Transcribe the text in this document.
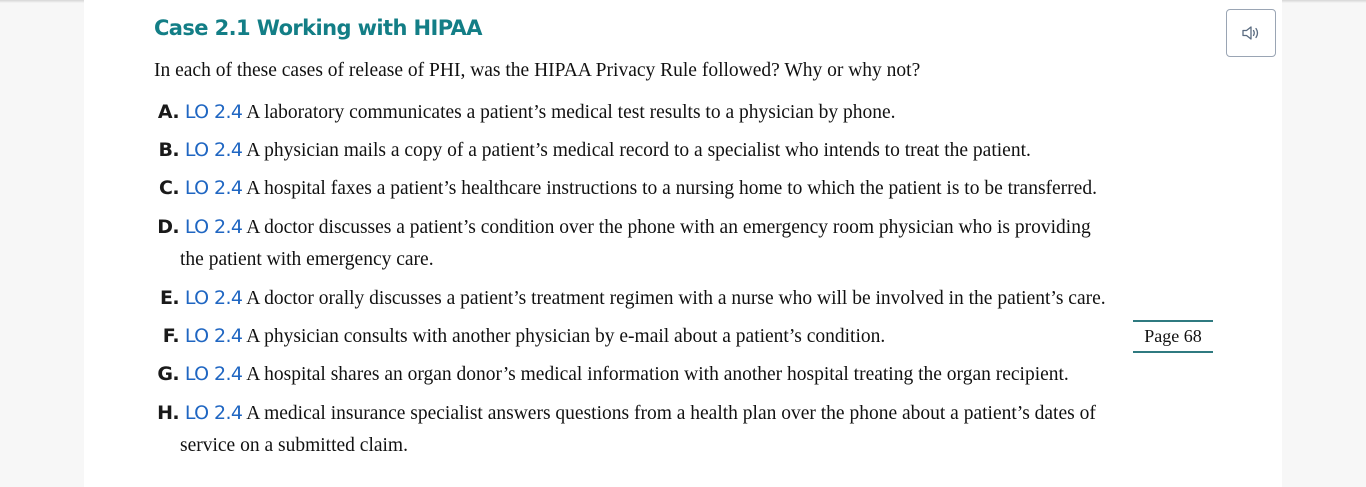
Case 2.1 Working with HIPAA

In each of these cases of release of PHI, was the HIPAA Privacy Rule followed? Why or why not?

A. LO 2.4 A laboratory communicates a patient’s medical test results to a physician by phone.
B. LO 2.4 A physician mails a copy of a patient’s medical record to a specialist who intends to treat the patient.
C. LO 2.4 A hospital faxes a patient’s healthcare instructions to a nursing home to which the patient is to be transferred.
D. LO 2.4 A doctor discusses a patient’s condition over the phone with an emergency room physician who is providing
the patient with emergency care.
E. LO 2.4 A doctor orally discusses a patient’s treatment regimen with a nurse who will be involved in the patient’s care.
F. LO 2.4 A physician consults with another physician by e-mail about a patient’s condition.	Page 68
G. LO 2.4 A hospital shares an organ donor’s medical information with another hospital treating the organ recipient.
H. LO 2.4 A medical insurance specialist answers questions from a health plan over the phone about a patient’s dates of
service on a submitted claim.
